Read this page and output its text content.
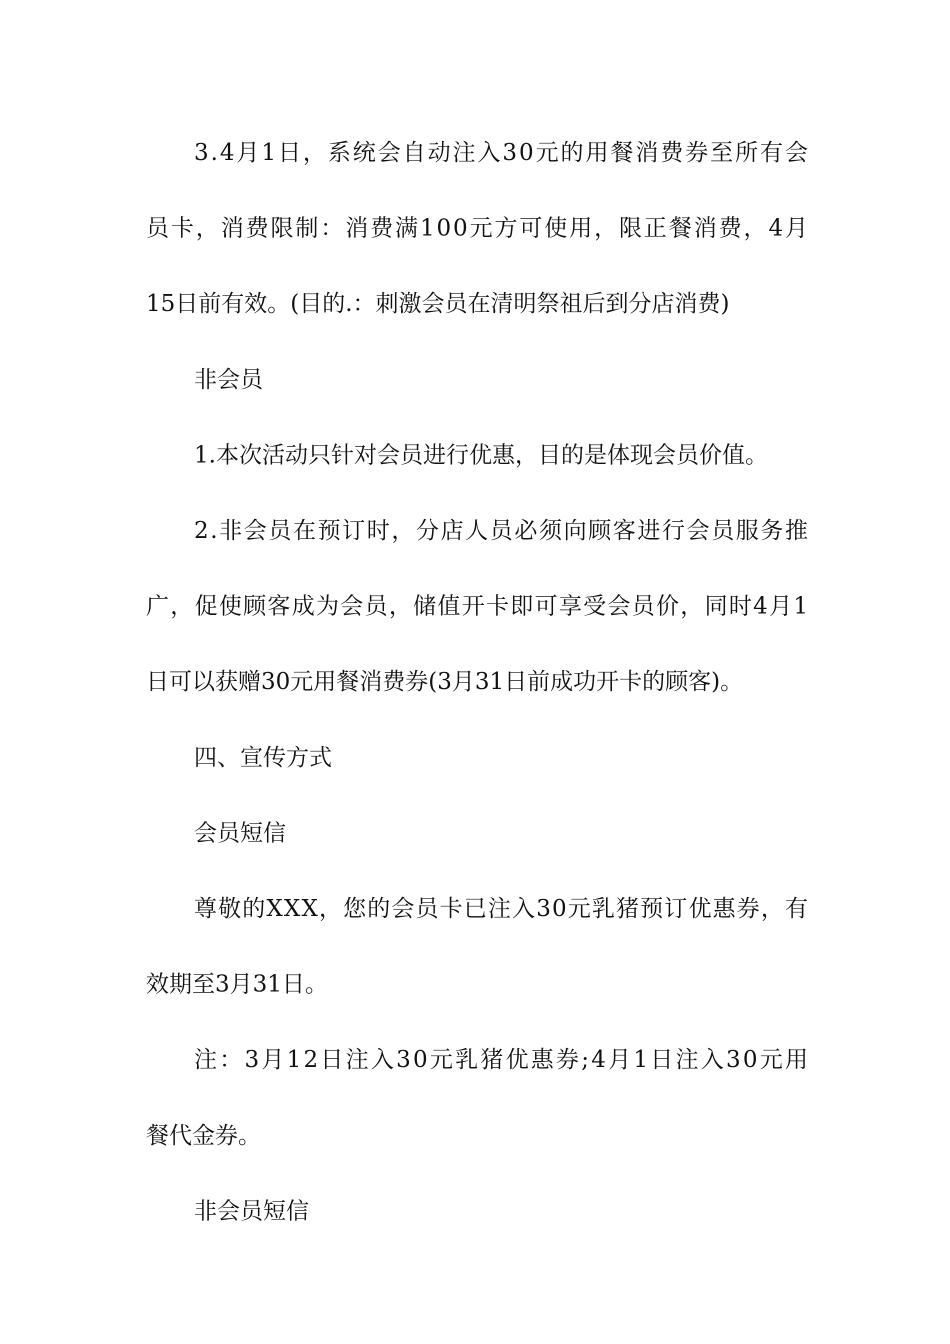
3.4月1日，系统会自动注入30元的用餐消费券至所有会
员卡，消费限制：消费满100元方可使用，限正餐消费，4月
15日前有效。(目的.：刺激会员在清明祭祖后到分店消费)
非会员
1.本次活动只针对会员进行优惠，目的是体现会员价值。
2.非会员在预订时，分店人员必须向顾客进行会员服务推
广，促使顾客成为会员，储值开卡即可享受会员价，同时4月1
日可以获赠30元用餐消费券(3月31日前成功开卡的顾客)。
四、宣传方式
会员短信
尊敬的XXX，您的会员卡已注入30元乳猪预订优惠券，有
效期至3月31日。
注：3月12日注入30元乳猪优惠券;4月1日注入30元用
餐代金券。
非会员短信
